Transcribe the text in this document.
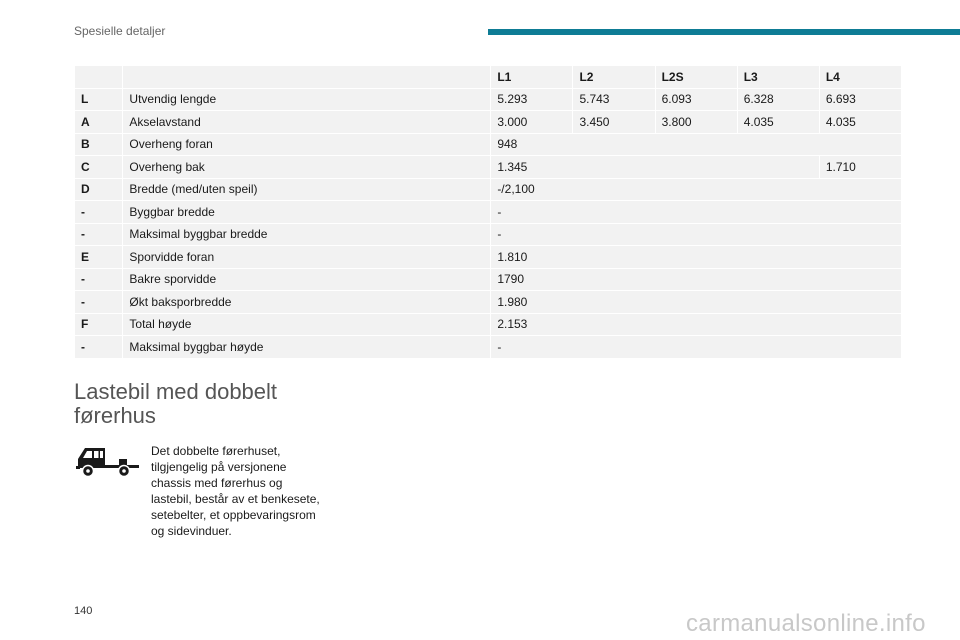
Spesielle detaljer
		L1	L2	L2S	L3	L4
L	Utvendig lengde	5.293	5.743	6.093	6.328	6.693
A	Akselavstand	3.000	3.450	3.800	4.035	4.035
B	Overheng foran	948				
C	Overheng bak	1.345				1.710
D	Bredde (med/uten speil)	-/2,100				
-	Byggbar bredde	-				
-	Maksimal byggbar bredde	-				
E	Sporvidde foran	1.810				
-	Bakre sporvidde	1790				
-	Økt baksporbredde	1.980				
F	Total høyde	2.153				
-	Maksimal byggbar høyde	-				
Lastebil med dobbelt
førerhus

Det dobbelte førerhuset,
tilgjengelig på versjonene
chassis med førerhus og
lastebil, består av et benkesete,
setebelter, et oppbevaringsrom
og sidevinduer.

140	carmanualsonline.info
